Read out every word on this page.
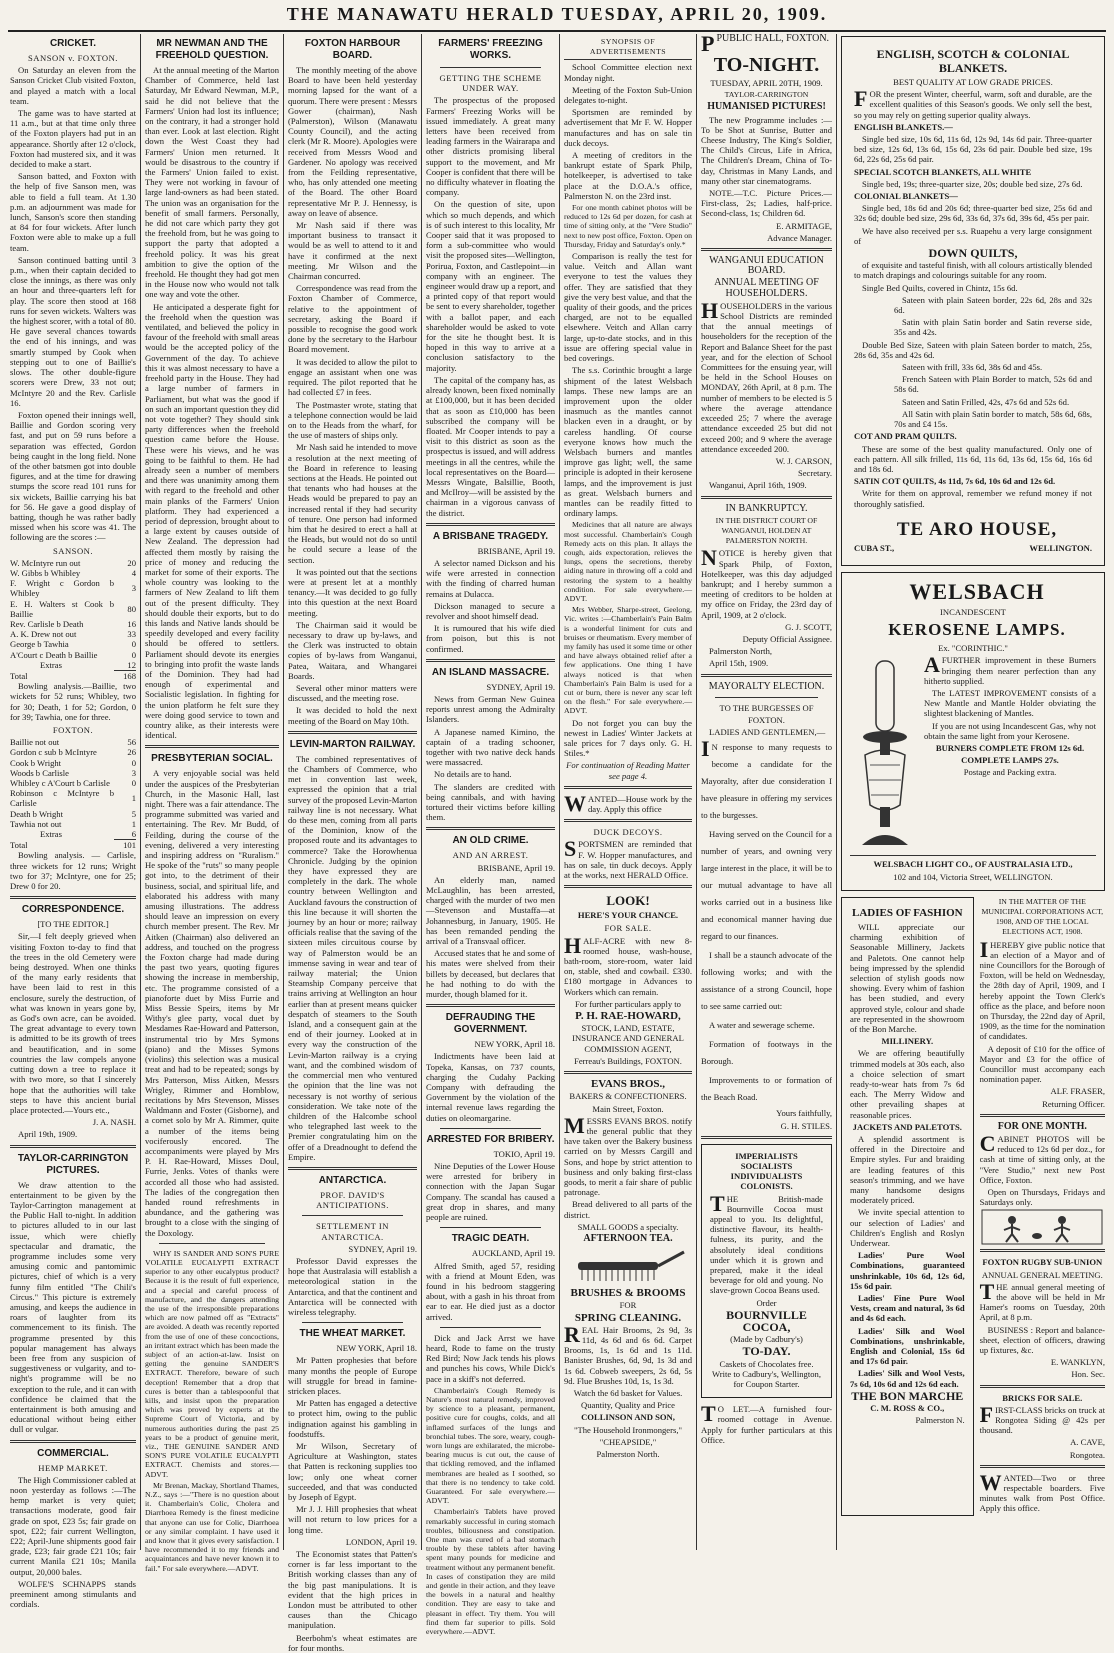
THE MANAWATU HERALD TUESDAY, APRIL 20, 1909.
CRICKET.
SANSON v. FOXTON.

On Saturday an eleven from the Sanson Cricket Club visited Foxton, and played a match with a local team.

The game was to have started at 11 a.m., but at that time only three of the Foxton players had put in an appearance. Shortly after 12 o'clock, Foxton had mustered six, and it was decided to make a start.

Sanson batted, and Foxton with the help of five Sanson men, was able to field a full team. At 1.30 p.m. an adjournment was made for lunch, Sanson's score then standing at 84 for four wickets. After lunch Foxton were able to make up a full team.

Sanson continued batting until 3 p.m., when their captain decided to close the innings, as there was only an hour and three-quarters left for play. The score then stood at 168 runs for seven wickets. Walters was the highest scorer, with a total of 80. He gave several chances towards the end of his innings, and was smartly stumped by Cook when stepping out to one of Baillie's slows. The other double-figure scorers were Drew, 33 not out; McIntyre 20 and the Rev. Carlisle 16.

Foxton opened their innings well, Baillie and Gordon scoring very fast, and put on 59 runs before a separation was effected, Gordon being caught in the long field. None of the other batsmen got into double figures, and at the time for drawing stumps the score read 101 runs for six wickets, Baillie carrying his bat for 56. He gave a good display of batting, though he was rather badly missed when his score was 41. The following are the scores :—

SANSON.
W. McIntyre run out	20
W. Gibbs b Whibley	4
F. Wright c Gordon b Whibley	3
E. H. Walters st Cook b Baillie	80
Rev. Carlisle b Death	16
A. K. Drew not out	33
George b Tawhia	0
A'Court c Death b Baillie	0
Extras	12
Total	168

Bowling analysis.—Baillie, two wickets for 52 runs; Whibley, two for 30; Death, 1 for 52; Gordon, 0 for 39; Tawhia, one for three.

FOXTON.
Baillie not out	56
Gordon c sub b McIntyre	26
Cook b Wright	0
Woods b Carlisle	3
Whibley c A'Court b Carlisle	0
Robinson c McIntyre b Carlisle	1
Death b Wright	5
Tawhia not out	1
Extras	6
Total	101

Bowling analysis. — Carlisle, three wickets for 12 runs; Wright two for 37; McIntyre, one for 25; Drew 0 for 20.

CORRESPONDENCE.

[TO THE EDITOR.]

Sir,—I felt deeply grieved when visiting Foxton to-day to find that the trees in the old Cemetery were being destroyed. When one thinks of the many early residents that have been laid to rest in this enclosure, surely the destruction, of what was known in years gone by, as God's own acre, can be avoided. The great advantage to every town is admitted to be its growth of trees and beautification, and in some countries the law compels anyone cutting down a tree to replace it with two more, so that I sincerely hope that the authorities will take steps to have this ancient burial place protected.—Yours etc.,

J. A. NASH.

April 19th, 1909.

TAYLOR-CARRINGTON PICTURES.

We draw attention to the entertainment to be given by the Taylor-Carrington management at the Public Hall to-night. In addition to pictures alluded to in our last issue, which were chiefly spectacular and dramatic, the programme includes some very amusing comic and pantomimic pictures, chief of which is a very funny film entitled "The Chili's Circus." This picture is extremely amusing, and keeps the audience in roars of laughter from its commencement to its finish. The programme presented by this popular management has always been free from any suspicion of suggestiveness or vulgarity, and to-night's programme will be no exception to the rule, and it can with confidence be claimed that the entertainment is both amusing and educational without being either dull or vulgar.

COMMERCIAL.
HEMP MARKET.

The High Commissioner cabled at noon yesterday as follows :—The hemp market is very quiet; transactions moderate, good fair grade on spot, £23 5s; fair grade on spot, £22; fair current Wellington, £22; April-June shipments good fair grade, £23; fair grade £21 10s; fair current Manila £21 10s; Manila output, 20,000 bales.

WOLFE'S SCHNAPPS stands preeminent among stimulants and cordials.

MR NEWMAN AND THE FREEHOLD QUESTION.

At the annual meeting of the Marton Chamber of Commerce, held last Saturday, Mr Edward Newman, M.P., said he did not believe that the Farmers' Union had lost its influence; on the contrary, it had a stronger hold than ever. Look at last election. Right down the West Coast they had Farmers' Union men returned. It would be disastrous to the country if the Farmers' Union failed to exist. They were not working in favour of large land-owners as had been stated. The union was an organisation for the benefit of small farmers. Personally, he did not care which party they got the freehold from, but he was going to support the party that adopted a freehold policy. It was his great ambition to give the option of the freehold. He thought they had got men in the House now who would not talk one way and vote the other.

He anticipated a desperate fight for the freehold when the question was ventilated, and believed the policy in favour of the freehold with small areas would be the accepted policy of the Government of the day. To achieve this it was almost necessary to have a freehold party in the House. They had a large number of farmers in Parliament, but what was the good if on such an important question they did not vote together? They should sink party differences when the freehold question came before the House. These were his views, and he was going to be faithful to them. He had already seen a number of members and there was unanimity among them with regard to the freehold and other main planks of the Farmers' Union platform. They had experienced a period of depression, brought about to a large extent by causes outside of New Zealand. The depression had affected them mostly by raising the price of money and reducing the market for some of their exports. The whole country was looking to the farmers of New Zealand to lift them out of the present difficulty. They should double their exports, but to do this lands and Native lands should be speedily developed and every facility should be offered to settlers. Parliament should devote its energies to bringing into profit the waste lands of the Dominion. They had had enough of experimental and Socialistic legislation. In fighting for the union platform he felt sure they were doing good service to town and country alike, as their interests were identical.

PRESBYTERIAN SOCIAL.

A very enjoyable social was held under the auspices of the Presbyterian Church, in the Masonic Hall, last night. There was a fair attendance. The programme submitted was varied and entertaining. The Rev. Mr Budd, of Feilding, during the course of the evening, delivered a very interesting and inspiring address on "Ruralism." He spoke of the "ruts" so many people got into, to the detriment of their business, social, and spiritual life, and elaborated his address with many amusing illustrations. The address should leave an impression on every church member present. The Rev. Mr Aitken (Chairman) also delivered an address, and touched on the progress the Foxton charge had made during the past two years, quoting figures showing the increase in membership, etc. The programme consisted of a pianoforte duet by Miss Furrie and Miss Bessie Speirs, items by Mr Withy's glee party, vocal duet by Mesdames Rae-Howard and Patterson, instrumental trio by Mrs Symons (piano) and the Misses Symons (violins) this selection was a musical treat and had to be repeated; songs by Mrs Patterson, Miss Aitken, Messrs Wrigley, Rimmer and Hornblow, recitations by Mrs Stevenson, Misses Waldmann and Foster (Gisborne), and a cornet solo by Mr A. Rimmer, quite a number of the items being vociferously encored. The accompaniments were played by Mrs P. H. Rae-Howard, Misses Doul, Furrie, Jenks. Votes of thanks were accorded all those who had assisted. The ladies of the congregation then handed round refreshments in abundance, and the gathering was brought to a close with the singing of the Doxology.

WHY IS SANDER AND SON'S PURE VOLATILE EUCALYPTI EXTRACT superior to any other eucalyptus product? Because it is the result of full experience, and a special and careful process of manufacture, and the dangers attending the use of the irresponsible preparations which are now palmed off as "Extracts" are avoided. A death was recently reported from the use of one of these concoctions, an irritant extract which has been made the subject of an action-at-law. Insist on getting the genuine SANDER'S EXTRACT. Therefore, beware of such deception! Remember that a drop that cures is better than a tablespoonful that kills, and insist upon the preparation which was proved by experts at the Supreme Court of Victoria, and by numerous authorities during the past 25 years to be a product of genuine merit, viz., THE GENUINE SANDER AND SON'S PURE VOLATILE EUCALYPTI EXTRACT. Chemists and stores.—ADVT.

Mr Brenan, Mackay, Shortland Thames, N.Z., says :—"There is no question about it. Chamberlain's Colic, Cholera and Diarrhoea Remedy is the finest medicine that anyone can use for Colic, Diarrhoea or any similar complaint. I have used it and know that it gives every satisfaction. I have recommended it to my friends and acquaintances and have never known it to fail." For sale everywhere.—ADVT.

FOXTON HARBOUR BOARD.

The monthly meeting of the above Board to have been held yesterday morning lapsed for the want of a quorum. There were present : Messrs Gower (chairman), Nash (Palmerston), Wilson (Manawatu County Council), and the acting clerk (Mr R. Moore). Apologies were received from Messrs Wood and Gardener. No apology was received from the Feilding representative, who, has only attended one meeting of the Board. The other Board representative Mr P. J. Hennessy, is away on leave of absence.

Mr Nash said if there was important business to transact it would be as well to attend to it and have it confirmed at the next meeting. Mr Wilson and the Chairman concurred.

Correspondence was read from the Foxton Chamber of Commerce, relative to the appointment of secretary, asking the Board if possible to recognise the good work done by the secretary to the Harbour Board movement.

It was decided to allow the pilot to engage an assistant when one was required. The pilot reported that he had collected £7 in fees.

The Postmaster wrote, stating that a telephone connection would be laid on to the Heads from the wharf, for the use of masters of ships only.

Mr Nash said he intended to move a resolution at the next meeting of the Board in reference to leasing sections at the Heads. He pointed out that tenants who had houses at the Heads would be prepared to pay an increased rental if they had security of tenure. One person had informed him that he desired to erect a hall at the Heads, but would not do so until he could secure a lease of the section.

It was pointed out that the sections were at present let at a monthly tenancy.—It was decided to go fully into this question at the next Board meeting.

The Chairman said it would be necessary to draw up by-laws, and the Clerk was instructed to obtain copies of by-laws from Wanganui, Patea, Waitara, and Whangarei Boards.

Several other minor matters were discussed, and the meeting rose.

It was decided to hold the next meeting of the Board on May 10th.

LEVIN-MARTON RAILWAY.

The combined representatives of the Chambers of Commerce, who met in convention last week, expressed the opinion that a trial survey of the proposed Levin-Marton railway line is not necessary. What do these men, coming from all parts of the Dominion, know of the proposed route and its advantages to commerce? Take the Horowhenua Chronicle. Judging by the opinion they have expressed they are completely in the dark. The whole country between Wellington and Auckland favours the construction of this line because it will shorten the journey by an hour or more; railway officials realise that the saving of the sixteen miles circuitous course by way of Palmerston would be an immense saving in wear and tear of railway material; the Union Steamship Company perceive that trains arriving at Wellington an hour earlier than at present means quicker despatch of steamers to the South Island, and a consequent gain at the end of their journey. Looked at in every way the construction of the Levin-Marton railway is a crying want, and the combined wisdom of the commercial men who ventured the opinion that the line was not necessary is not worthy of serious consideration. We take note of the children of the Halcombe school who telegraphed last week to the Premier congratulating him on the offer of a Dreadnought to defend the Empire.

ANTARCTICA.
PROF. DAVID'S ANTICIPATIONS.
SETTLEMENT IN ANTARCTICA.

SYDNEY, April 19.

Professor David expresses the hope that Australasia will establish a meteorological station in the Antarctica, and that the continent and Antarctica will be connected with wireless telegraphy.

THE WHEAT MARKET.

NEW YORK, April 18.

Mr Patten prophesies that before many months the people of Europe will struggle for bread in famine-stricken places.

Mr Patten has engaged a detective to protect him, owing to the public indignation against his gambling in foodstuffs.

Mr Wilson, Secretary of Agriculture at Washington, states that Patten is reckoning supplies too low; only one wheat corner succeeded, and that was conducted by Joseph of Egypt.

Mr J. J. Hill prophesies that wheat will not return to low prices for a long time.

LONDON, April 19.

The Economist states that Patten's corner is far less important to the British working classes than any of the big past manipulations. It is evident that the high prices in London must be attributed to other causes than the Chicago manipulation.

Beerbohm's wheat estimates are for four months.

FARMERS' FREEZING WORKS.
GETTING THE SCHEME UNDER WAY.

The prospectus of the proposed Farmers' Freezing Works will be issued immediately. A great many letters have been received from leading farmers in the Wairarapa and other districts promising liberal support to the movement, and Mr Cooper is confident that there will be no difficulty whatever in floating the company.

On the question of site, upon which so much depends, and which is of such interest to this locality, Mr Cooper said that it was proposed to form a sub-committee who would visit the proposed sites—Wellington, Porirua, Foxton, and Castlepoint—in company with an engineer. The engineer would draw up a report, and a printed copy of that report would be sent to every shareholder, together with a ballot paper, and each shareholder would be asked to vote for the site he thought best. It is hoped in this way to arrive at a conclusion satisfactory to the majority.

The capital of the company has, as already known, been fixed nominally at £100,000, but it has been decided that as soon as £10,000 has been subscribed the company will be floated. Mr Cooper intends to pay a visit to this district as soon as the prospectus is issued, and will address meetings in all the centres, while the local representatives on the Board—Messrs Wingate, Balsillie, Booth, and McIlroy—will be assisted by the chairman in a vigorous canvass of the district.

A BRISBANE TRAGEDY.

BRISBANE, April 19.

A selector named Dickson and his wife were arrested in connection with the finding of charred human remains at Dulacca.

Dickson managed to secure a revolver and shoot himself dead.

It is rumoured that his wife died from poison, but this is not confirmed.

AN ISLAND MASSACRE.

SYDNEY, April 19.

News from German New Guinea reports unrest among the Admiralty Islanders.

A Japanese named Kimino, the captain of a trading schooner, together with two native deck hands were massacred.

No details are to hand.

The slanders are credited with being cannibals, and with having tortured their victims before killing them.

AN OLD CRIME.
AND AN ARREST.

BRISBANE, April 19.

An elderly man, named McLaughlin, has been arrested, charged with the murder of two men—Stevenson and Mustaffa—at Johannesburg, in January, 1905. He has been remanded pending the arrival of a Transvaal officer.

Accused states that he and some of his mates were shelved from their billets by deceased, but declares that he had nothing to do with the murder, though blamed for it.

DEFRAUDING THE GOVERNMENT.

NEW YORK, April 18.

Indictments have been laid at Topeka, Kansas, on 737 counts, charging the Cudahy Packing Company with defrauding the Government by the violation of the internal revenue laws regarding the duties on oleomargarine.

ARRESTED FOR BRIBERY.

TOKIO, April 19.

Nine Deputies of the Lower House were arrested for bribery in connection with the Japan Sugar Company. The scandal has caused a great drop in shares, and many people are ruined.

TRAGIC DEATH.

AUCKLAND, April 19.

Alfred Smith, aged 57, residing with a friend at Mount Eden, was found in his bedroom staggering about, with a gash in his throat from ear to ear. He died just as a doctor arrived.

Dick and Jack Arrst we have heard, Rode to fame on the trusty Red Bird; Now Jack tends his plows and punches his cows, While Dick's pace in a skiff's not deferred.

Chamberlain's Cough Remedy is Nature's most natural remedy, improved by science to a pleasant, permanent, positive cure for coughs, colds, and all inflamed surfaces of the lungs and bronchial tubes. The sore, weary, cough-worn lungs are exhilarated, the microbe-bearing mucus is cut out, the cause of that tickling removed, and the inflamed membranes are healed as I soothed, so that there is no tendency to take cold. Guaranteed. For sale everywhere.—ADVT.

Chamberlain's Tablets have proved remarkably successful in curing stomach troubles, biliousness and constipation. One man was cured of a bad stomach trouble by these tablets after having spent many pounds for medicine and treatment without any permanent benefit. In cases of constipation they are mild and gentle in their action, and they leave the bowels in a natural and healthy condition. They are easy to take and pleasant in effect. Try them. You will find them far superior to pills. Sold everywhere.—ADVT.

SYNOPSIS OF ADVERTISEMENTS

School Committee election next Monday night.

Meeting of the Foxton Sub-Union delegates to-night.

Sportsmen are reminded by advertisement that Mr F. W. Hopper manufactures and has on sale tin duck decoys.

A meeting of creditors in the bankrupt estate of Spark Philp, hotelkeeper, is advertised to take place at the D.O.A.'s office, Palmerston N. on the 23rd inst.

For one month cabinet photos will be reduced to 12s 6d per dozen, for cash at time of sitting only, at the "Vere Studio" next to new post office, Foxton. Open on Thursday, Friday and Saturday's only.*

Comparison is really the test for value. Veitch and Allan want everyone to test the values they offer. They are satisfied that they give the very best value, and that the quality of their goods, and the prices charged, are not to be equalled elsewhere. Veitch and Allan carry large, up-to-date stocks, and in this issue are offering special value in bed coverings.

The s.s. Corinthic brought a large shipment of the latest Welsbach lamps. These new lamps are an improvement upon the older inasmuch as the mantles cannot blacken even in a draught, or by careless handling. Of course everyone knows how much the Welsbach burners and mantles improve gas light; well, the same principle is adopted in their kerosene lamps, and the improvement is just as great. Welsbach burners and mantles can be readily fitted to ordinary lamps.

Medicines that all nature are always most successful. Chamberlain's Cough Remedy acts on this plan. It allays the cough, aids expectoration, relieves the lungs, opens the secretions, thereby aiding nature in throwing off a cold and restoring the system to a healthy condition. For sale everywhere.—ADVT.

Mrs Webber, Sharpe-street, Geelong, Vic. writes :—Chamberlain's Pain Balm is a wonderful liniment for cuts and bruises or rheumatism. Every member of my family has used it some time or other and have always obtained relief after a few applications. One thing I have always noticed is that when Chamberlain's Pain Balm is used for a cut or burn, there is never any scar left on the flesh." For sale everywhere.—ADVT.

Do not forget you can buy the newest in Ladies' Winter Jackets at sale prices for 7 days only. G. H. Stiles.*

For continuation of Reading Matter see page 4.

WANTED—House work by the day. Apply this office

DUCK DECOYS.

SPORTSMEN are reminded that F. W. Hopper manufactures, and has on sale, tin duck decoys. Apply at the works, next HERALD Office.

LOOK!

HERE'S YOUR CHANCE.

FOR SALE.

HALF-ACRE with new 8-roomed house, wash-house, bath-room, store-room, water laid on, stable, shed and cowbail. £330. £180 mortgage in Advances to Workers which can remain.

For further particulars apply to

P. H. RAE-HOWARD,

STOCK, LAND, ESTATE, INSURANCE AND GENERAL COMMISSION AGENT,

Ferreau's Buildings, FOXTON.

EVANS BROS.,

BAKERS & CONFECTIONERS.

Main Street, Foxton.

MESSRS EVANS BROS. notify the general public that they have taken over the Bakery business carried on by Messrs Cargill and Sons, and hope by strict attention to business and only baking first-class goods, to merit a fair share of public patronage.

Bread delivered to all parts of the district.

SMALL GOODS a specialty.

AFTERNOON TEA.

BRUSHES & BROOMS

FOR

SPRING CLEANING.

REAL Hair Brooms, 2s 9d, 3s 11d, 4s 6d and 6s 6d. Carpet Brooms, 1s, 1s 6d and 1s 11d. Banister Brushes, 6d, 9d, 1s 3d and 1s 6d. Cobweb sweepers, 2s 6d, 5s 9d. Flue Brushes 10d, 1s, 1s 3d.

Watch the 6d basket for Values.

Quantity, Quality and Price

COLLINSON AND SON,

"The Household Ironmongers,"

"CHEAPSIDE,"

Palmerston North.

PPUBLIC HALL, FOXTON.

TO-NIGHT.

TUESDAY, APRIL 20TH, 1909.

TAYLOR-CARRINGTON

HUMANISED PICTURES!

The new Programme includes :—To be Shot at Sunrise, Butter and Cheese Industry, The King's Soldier, The Child's Circus, Life in Africa, The Children's Dream, China of To-day, Christmas in Many Lands, and many other star cinematograms.

NOTE.—T.C. Picture Prices.—First-class, 2s; Ladies, half-price. Second-class, 1s; Children 6d.

E. ARMITAGE,

Advance Manager.

WANGANUI EDUCATION BOARD.

ANNUAL MEETING OF HOUSEHOLDERS.

HOUSEHOLDERS in the various School Districts are reminded that the annual meetings of householders for the reception of the Report and Balance Sheet for the past year, and for the election of School Committees for the ensuing year, will be held in the School Houses on MONDAY, 26th April, at 8 p.m. The number of members to be elected is 5 where the average attendance exceeded 25; 7 where the average attendance exceeded 25 but did not exceed 200; and 9 where the average attendance exceeded 200.

W. J. CARSON,

Secretary.

Wanganui, April 16th, 1909.

IN BANKRUPTCY.

IN THE DISTRICT COURT OF WANGANUI, HOLDEN AT PALMERSTON NORTH.

NOTICE is hereby given that Spark Philp, of Foxton, Hotelkeeper, was this day adjudged bankrupt; and I hereby summon a meeting of creditors to be holden at my office on Friday, the 23rd day of April, 1909, at 2 o'clock.

G. J. SCOTT,

Deputy Official Assignee.

Palmerston North,

April 15th, 1909.

MAYORALTY ELECTION.

TO THE BURGESSES OF

FOXTON.

LADIES AND GENTLEMEN,—

I N response to many requests to become a candidate for the Mayoralty, after due consideration I have pleasure in offering my services to the burgesses.

Having served on the Council for a number of years, and owning very large interest in the place, it will be to our mutual advantage to have all works carried out in a business like and economical manner having due regard to our finances.

I shall be a staunch advocate of the following works; and with the assistance of a strong Council, hope to see same carried out:

A water and sewerage scheme.

Formation of footways in the Borough.

Improvements to or formation of the Beach Road.

Yours faithfully,

G. H. STILES.

IMPERIALISTS SOCIALISTS INDIVIDUALISTS COLONISTS.

THE British-made Bournville Cocoa must appeal to you. Its delightful, distinctive flavour, its health-fulness, its purity, and the absolutely ideal conditions under which it is grown and prepared, make it the ideal beverage for old and young. No slave-grown Cocoa Beans used.

Order

BOURNVILLE

COCOA,

(Made by Cadbury's)

TO-DAY.

Caskets of Chocolates free. Write to Cadbury's, Wellington, for Coupon Starter.

T O LET.—A furnished four-roomed cottage in Avenue. Apply for further particulars at this Office.

ENGLISH, SCOTCH & COLONIAL BLANKETS.

BEST QUALITY AT LOW GRADE PRICES.

FOR the present Winter, cheerful, warm, soft and durable, are the excellent qualities of this Season's goods. We only sell the best, so you may rely on getting superior quality always.

ENGLISH BLANKETS.—

Single bed size, 10s 6d, 11s 6d, 12s 9d, 14s 6d pair. Three-quarter bed size, 12s 6d, 13s 6d, 15s 6d, 23s 6d pair. Double bed size, 19s 6d, 22s 6d, 25s 6d pair.

SPECIAL SCOTCH BLANKETS, ALL WHITE

Single bed, 19s; three-quarter size, 20s; double bed size, 27s 6d.

COLONIAL BLANKETS—

Single bed, 18s 6d and 20s 6d; three-quarter bed size, 25s 6d and 32s 6d; double bed size, 29s 6d, 33s 6d, 37s 6d, 39s 6d, 45s per pair.

We have also received per s.s. Ruapehu a very large consignment of

DOWN QUILTS,

of exquisite and tasteful finish, with all colours artistically blended to match drapings and colourings suitable for any room.

Single Bed Quilts, covered in Chintz, 15s 6d.

Sateen with plain Sateen border, 22s 6d, 28s and 32s 6d.

Satin with plain Satin border and Satin reverse side, 35s and 42s.

Double Bed Size, Sateen with plain Sateen border to match, 25s, 28s 6d, 35s and 42s 6d.

Sateen with frill, 33s 6d, 38s 6d and 45s.

French Sateen with Plain Border to match, 52s 6d and 58s 6d.

Sateen and Satin Frilled, 42s, 47s 6d and 52s 6d.

All Satin with plain Satin border to match, 58s 6d, 68s, 70s and £4 15s.

COT AND PRAM QUILTS.

These are some of the best quality manufactured. Only one of each pattern. All silk frilled, 11s 6d, 11s 6d, 13s 6d, 15s 6d, 16s 6d and 18s 6d.

SATIN COT QUILTS, 4s 11d, 7s 6d, 10s 6d and 12s 6d.

Write for them on approval, remember we refund money if not thoroughly satisfied.

TE ARO HOUSE,

CUBA ST.,	WELLINGTON.

WELSBACH

INCANDESCENT

KEROSENE LAMPS.

Ex. "CORINTHIC."

AFURTHER improvement in these Burners bringing them nearer perfection than any hitherto supplied.

The LATEST IMPROVEMENT consists of a New Mantle and Mantle Holder obviating the slightest blackening of Mantles.

If you are not using Incandescent Gas, why not obtain the same light from your Kerosene.

BURNERS COMPLETE FROM 12s 6d.

COMPLETE LAMPS 27s.

Postage and Packing extra.

WELSBACH LIGHT CO., OF AUSTRALASIA LTD.,

102 and 104, Victoria Street, WELLINGTON.

LADIES OF FASHION

WILL appreciate our charming exhibition of Seasonable Millinery, Jackets and Paletots. One cannot help being impressed by the splendid selection of stylish goods now showing. Every whim of fashion has been studied, and every approved style, colour and shade are represented in the showroom of the Bon Marche.

MILLINERY.

We are offering beautifully trimmed models at 30s each, also a choice selection of smart ready-to-wear hats from 7s 6d each. The Merry Widow and other prevailing shapes at reasonable prices.

JACKETS AND PALETOTS.

A splendid assortment is offered in the Directoire and Empire styles. Fur and braiding are leading features of this season's trimming, and we have many handsome designs moderately priced.

We invite special attention to our selection of Ladies' and Children's English and Roslyn Underwear.

Ladies' Pure Wool Combinations, guaranteed unshrinkable, 10s 6d, 12s 6d, 15s 6d pair.

Ladies' Fine Pure Wool Vests, cream and natural, 3s 6d and 4s 6d each.

Ladies' Silk and Wool Combinations, unshrinkable, English and Colonial, 15s 6d and 17s 6d pair.

Ladies' Silk and Wool Vests, 7s 6d, 10s 6d and 12s 6d each.

THE BON MARCHE

C. M. ROSS & CO.,

Palmerston N.

IN THE MATTER OF THE MUNICIPAL CORPORATIONS ACT, 1908, AND OF THE LOCAL ELECTIONS ACT, 1908.

IHEREBY give public notice that an election of a Mayor and of nine Councillors for the Borough of Foxton, will be held on Wednesday, the 28th day of April, 1909, and I hereby appoint the Town Clerk's office as the place, and before noon on Thursday, the 22nd day of April, 1909, as the time for the nomination of candidates.

A deposit of £10 for the office of Mayor and £3 for the office of Councillor must accompany each nomination paper.

ALF. FRASER,

Returning Officer.

FOR ONE MONTH.

CABINET PHOTOS will be reduced to 12s 6d per doz., for cash at time of sitting only, at the "Vere Studio," next new Post Office, Foxton.

Open on Thursdays, Fridays and Saturdays only.

FOXTON RUGBY SUB-UNION

ANNUAL GENERAL MEETING.

THE annual general meeting of the above will be held in Mr Hamer's rooms on Tuesday, 20th April, at 8 p.m.

BUSINESS : Report and balance-sheet, election of officers, drawing up fixtures, &c.

E. WANKLYN,

Hon. Sec.

BRICKS FOR SALE.

FIRST-CLASS bricks on truck at Rongotea Siding @ 42s per thousand.

A. CAVE,

Rongotea.

WANTED—Two or three respectable boarders. Five minutes walk from Post Office. Apply this office.
